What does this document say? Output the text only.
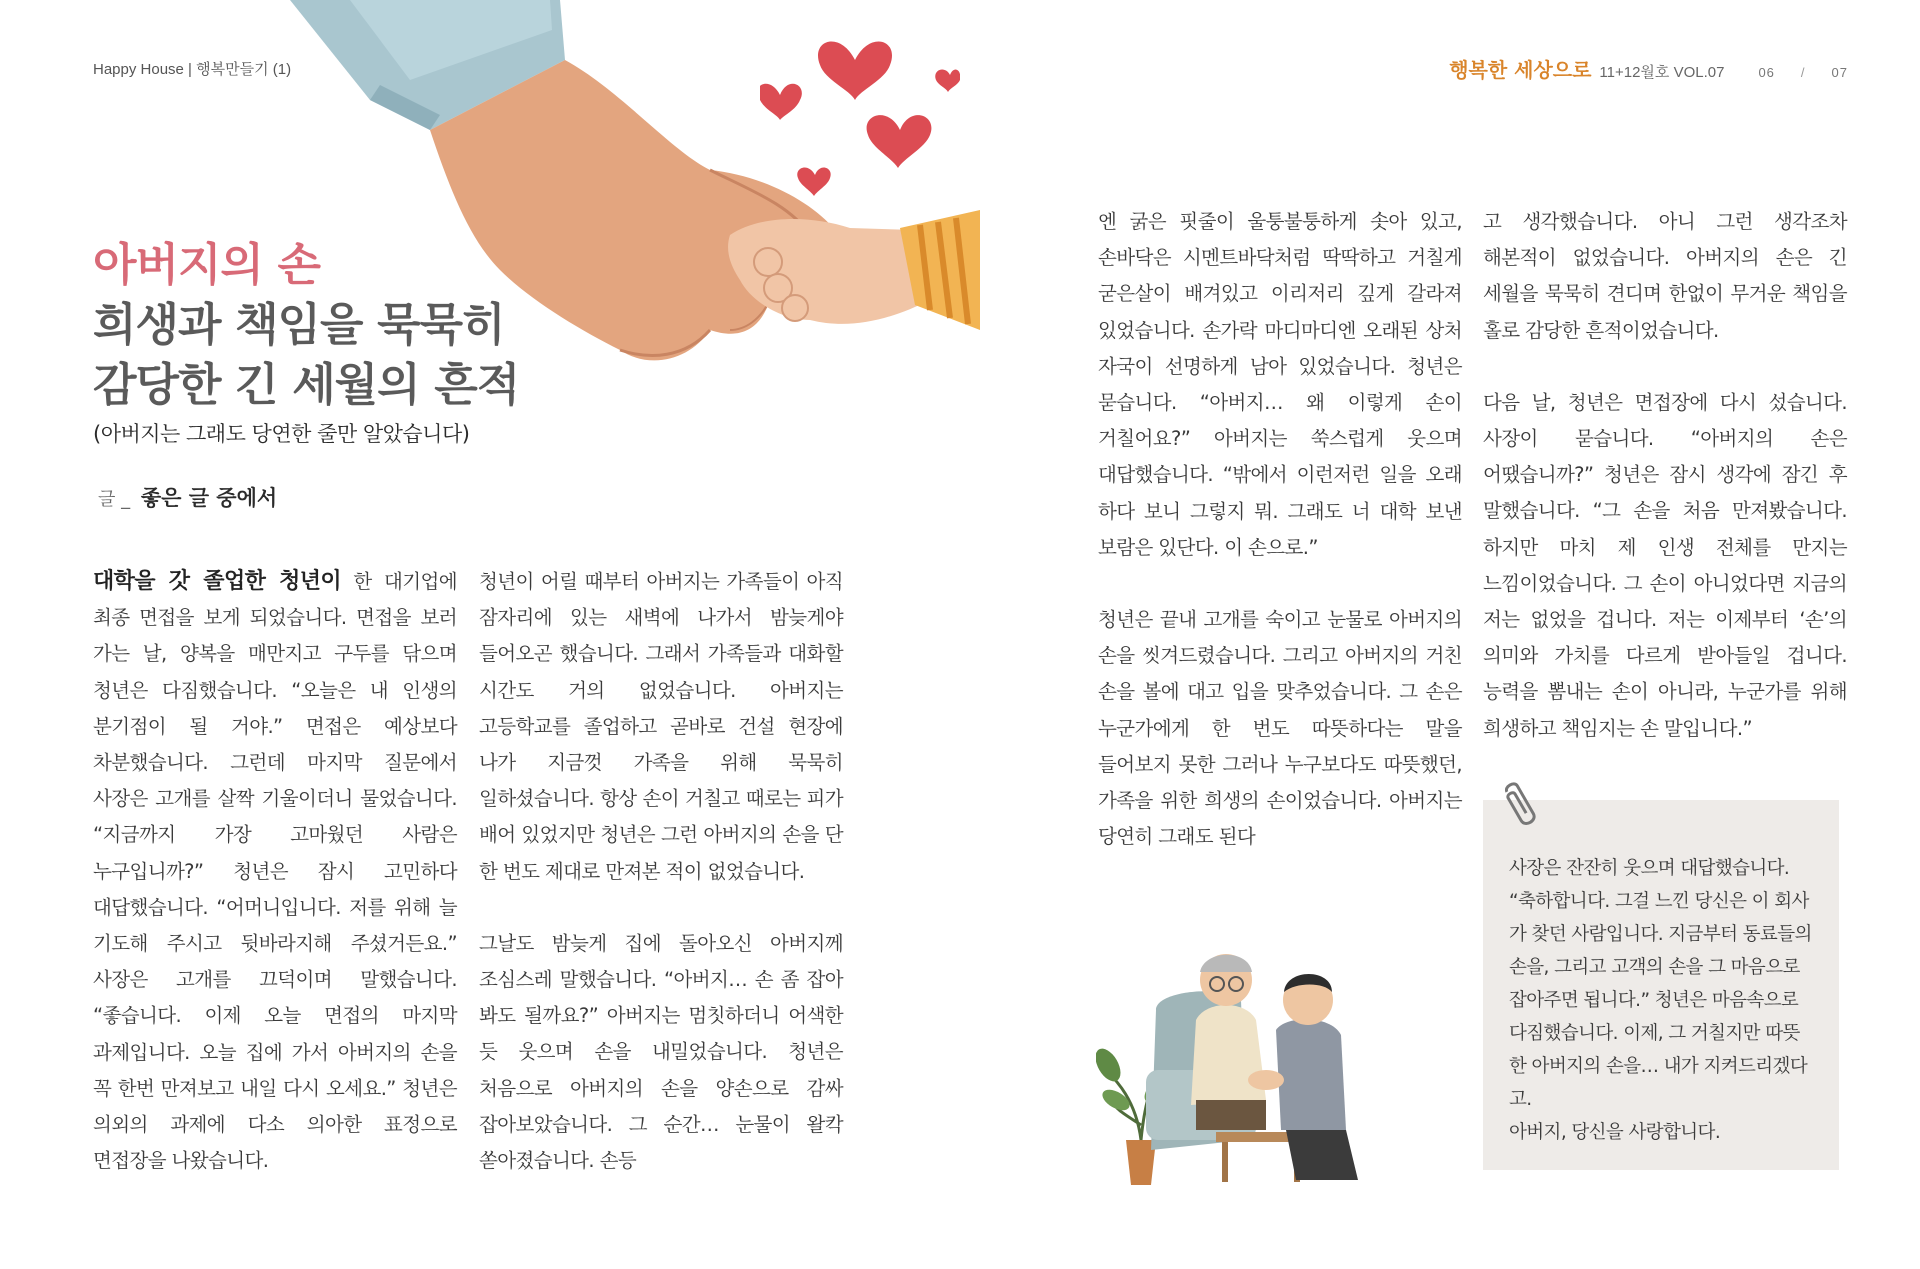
Happy House | 행복만들기 (1)	행복한 세상으로 11+12월호 VOL.07	06 / 07
아버지의 손
희생과 책임을 묵묵히
감당한 긴 세월의 흔적
(아버지는 그래도 당연한 줄만 알았습니다)
글 _ 좋은 글 중에서

대학을 갓 졸업한 청년이 한 대기업에 최종 면접을 보게 되었습니다. 면접을 보러 가는 날, 양복을 매만지고 구두를 닦으며 청년은 다짐했습니다. “오늘은 내 인생의 분기점이 될 거야.” 면접은 예상보다 차분했습니다. 그런데 마지막 질문에서 사장은 고개를 살짝 기울이더니 물었습니다. “지금까지 가장 고마웠던 사람은 누구입니까?” 청년은 잠시 고민하다 대답했습니다. “어머니입니다. 저를 위해 늘 기도해 주시고 뒷바라지해 주셨거든요.” 사장은 고개를 끄덕이며 말했습니다. “좋습니다. 이제 오늘 면접의 마지막 과제입니다. 오늘 집에 가서 아버지의 손을 꼭 한번 만져보고 내일 다시 오세요.” 청년은 의외의 과제에 다소 의아한 표정으로 면접장을 나왔습니다.

청년이 어릴 때부터 아버지는 가족들이 아직 잠자리에 있는 새벽에 나가서 밤늦게야 들어오곤 했습니다. 그래서 가족들과 대화할 시간도 거의 없었습니다. 아버지는 고등학교를 졸업하고 곧바로 건설 현장에 나가 지금껏 가족을 위해 묵묵히 일하셨습니다. 항상 손이 거칠고 때로는 피가 배어 있었지만 청년은 그런 아버지의 손을 단 한 번도 제대로 만져본 적이 없었습니다.

그날도 밤늦게 집에 돌아오신 아버지께 조심스레 말했습니다. “아버지… 손 좀 잡아 봐도 될까요?” 아버지는 멈칫하더니 어색한 듯 웃으며 손을 내밀었습니다. 청년은 처음으로 아버지의 손을 양손으로 감싸 잡아보았습니다. 그 순간… 눈물이 왈칵 쏟아졌습니다. 손등

엔 굵은 핏줄이 울퉁불퉁하게 솟아 있고, 손바닥은 시멘트바닥처럼 딱딱하고 거칠게 굳은살이 배겨있고 이리저리 깊게 갈라져 있었습니다. 손가락 마디마디엔 오래된 상처 자국이 선명하게 남아 있었습니다. 청년은 묻습니다. “아버지… 왜 이렇게 손이 거칠어요?” 아버지는 쑥스럽게 웃으며 대답했습니다. “밖에서 이런저런 일을 오래 하다 보니 그렇지 뭐. 그래도 너 대학 보낸 보람은 있단다. 이 손으로.”

청년은 끝내 고개를 숙이고 눈물로 아버지의 손을 씻겨드렸습니다. 그리고 아버지의 거친 손을 볼에 대고 입을 맞추었습니다. 그 손은 누군가에게 한 번도 따뜻하다는 말을 들어보지 못한 그러나 누구보다도 따뜻했던, 가족을 위한 희생의 손이었습니다. 아버지는 당연히 그래도 된다

고 생각했습니다. 아니 그런 생각조차 해본적이 없었습니다. 아버지의 손은 긴 세월을 묵묵히 견디며 한없이 무거운 책임을 홀로 감당한 흔적이었습니다.

다음 날, 청년은 면접장에 다시 섰습니다. 사장이 묻습니다. “아버지의 손은 어땠습니까?” 청년은 잠시 생각에 잠긴 후 말했습니다. “그 손을 처음 만져봤습니다. 하지만 마치 제 인생 전체를 만지는 느낌이었습니다. 그 손이 아니었다면 지금의 저는 없었을 겁니다. 저는 이제부터 ‘손’의 의미와 가치를 다르게 받아들일 겁니다. 능력을 뽐내는 손이 아니라, 누군가를 위해 희생하고 책임지는 손 말입니다.”

사장은 잔잔히 웃으며 대답했습니다. “축하합니다. 그걸 느낀 당신은 이 회사가 찾던 사람입니다. 지금부터 동료들의 손을, 그리고 고객의 손을 그 마음으로 잡아주면 됩니다.” 청년은 마음속으로 다짐했습니다. 이제, 그 거칠지만 따뜻한 아버지의 손을… 내가 지켜드리겠다고.
아버지, 당신을 사랑합니다.
